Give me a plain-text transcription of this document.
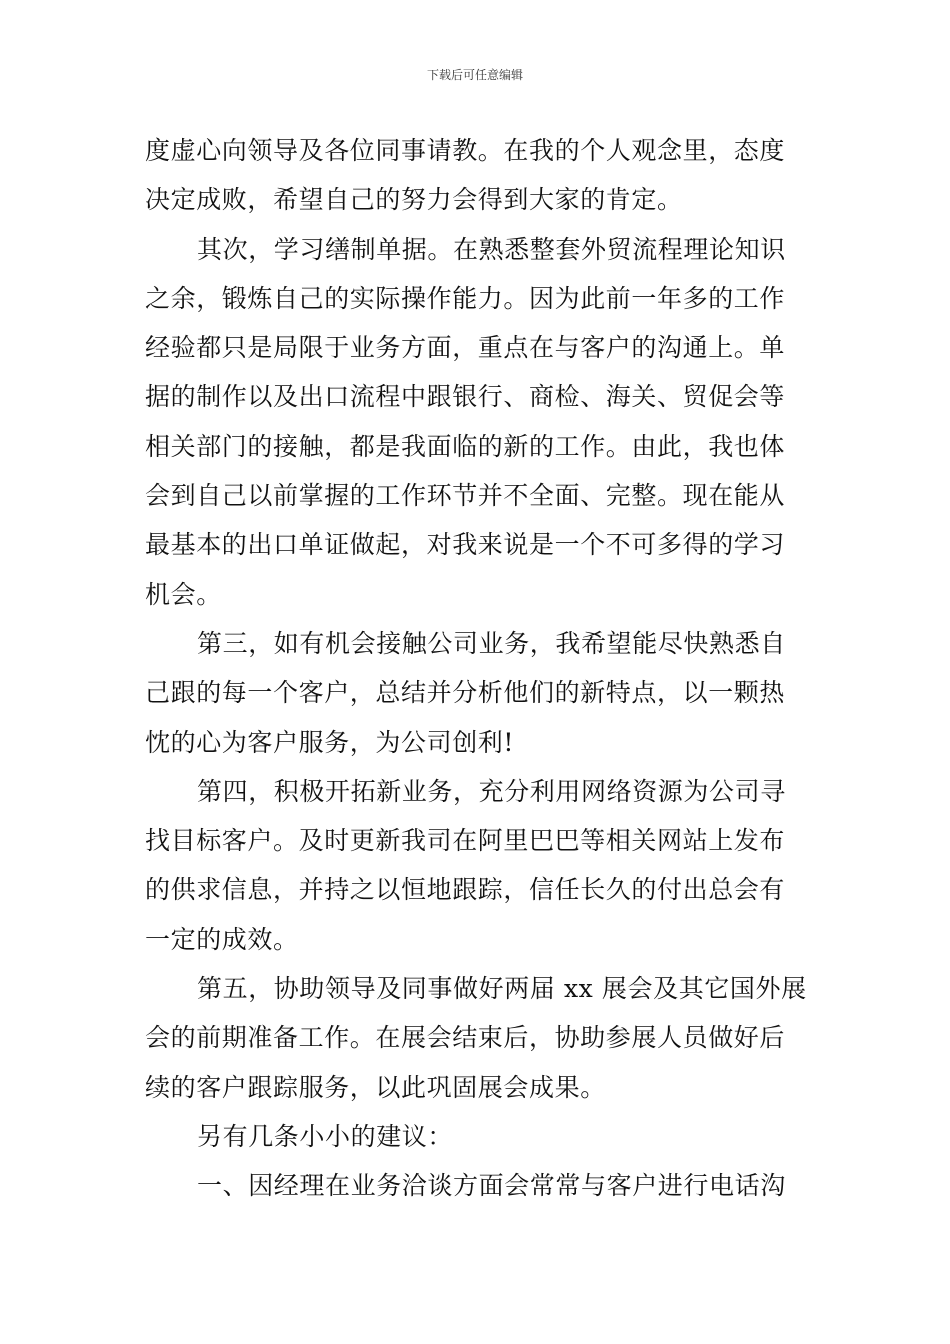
下载后可任意编辑
度虚心向领导及各位同事请教。在我的个人观念里，态度
决定成败，希望自己的努力会得到大家的肯定。
其次，学习缮制单据。在熟悉整套外贸流程理论知识
之余，锻炼自己的实际操作能力。因为此前一年多的工作
经验都只是局限于业务方面，重点在与客户的沟通上。单
据的制作以及出口流程中跟银行、商检、海关、贸促会等
相关部门的接触，都是我面临的新的工作。由此，我也体
会到自己以前掌握的工作环节并不全面、完整。现在能从
最基本的出口单证做起，对我来说是一个不可多得的学习
机会。
第三，如有机会接触公司业务，我希望能尽快熟悉自
己跟的每一个客户，总结并分析他们的新特点，以一颗热
忱的心为客户服务，为公司创利!
第四，积极开拓新业务，充分利用网络资源为公司寻
找目标客户。及时更新我司在阿里巴巴等相关网站上发布
的供求信息，并持之以恒地跟踪，信任长久的付出总会有
一定的成效。
第五，协助领导及同事做好两届 xx 展会及其它国外展
会的前期准备工作。在展会结束后，协助参展人员做好后
续的客户跟踪服务，以此巩固展会成果。
另有几条小小的建议：
一、因经理在业务洽谈方面会常常与客户进行电话沟
